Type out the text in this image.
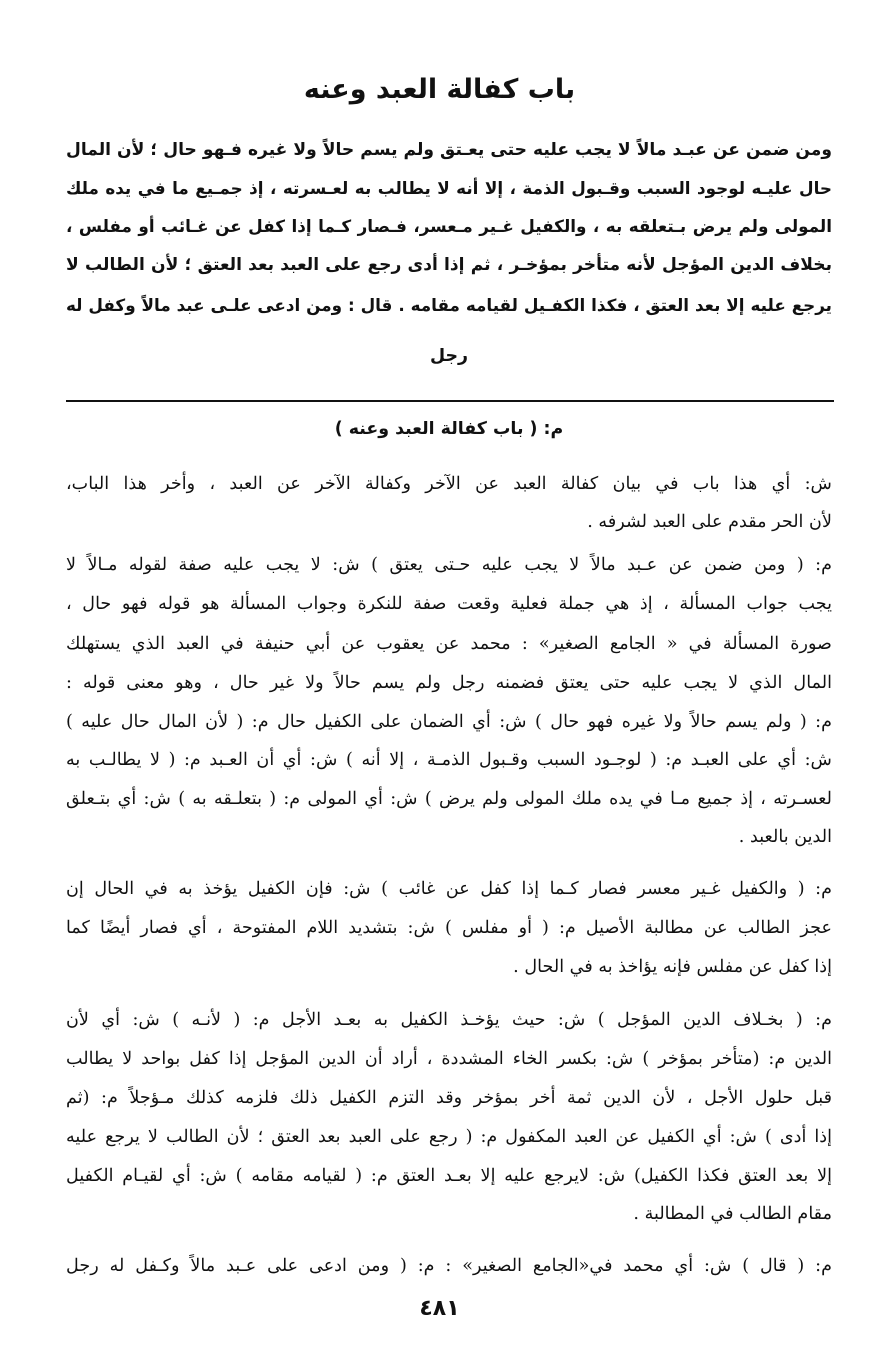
باب كفالة العبد وعنه
ومن ضمن عن عبـد مالاً لا يجب عليه حتى يعـتق ولم يسم حالاً ولا غيره فـهو حال ؛ لأن المال
حال عليـه لوجود السبب وقـبول الذمة ، إلا أنه لا يطالب به لعـسرته ، إذ جمـيع ما في يده ملك
المولى ولم يرض بـتعلقه به ، والكفيل غـير مـعسر، فـصار كـما إذا كفل عن غـائب أو مفلس ،
بخلاف الدين المؤجل لأنه متأخر بمؤخـر ، ثم إذا أدى رجع على العبد بعد العتق ؛ لأن الطالب لا
يرجع عليه إلا بعد العتق ، فكذا الكفـيل لقيامه مقامه . قال : ومن ادعى علـى عبد مالاً وكفل له
رجل
م: ( باب كفالة العبد وعنه )
ش: أي هذا باب في بيان كفالة العبد عن الآخر وكفالة الآخر عن العبد ، وأخر هذا الباب،
لأن الحر مقدم على العبد لشرفه .
م: ( ومن ضمن عن عـبد مالاً لا يجب عليه حـتى يعتق ) ش: لا يجب عليه صفة لقوله مـالاً لا
يجب جواب المسألة ، إذ هي جملة فعلية وقعت صفة للنكرة وجواب المسألة هو قوله فهو حال ،
صورة المسألة في « الجامع الصغير» : محمد عن يعقوب عن أبي حنيفة في العبد الذي يستهلك
المال الذي لا يجب عليه حتى يعتق فضمنه رجل ولم يسم حالاً ولا غير حال ، وهو معنى قوله :
م: ( ولم يسم حالاً ولا غيره فهو حال ) ش: أي الضمان على الكفيل حال م: ( لأن المال حال عليه )
ش: أي على العبـد م: ( لوجـود السبب وقـبول الذمـة ، إلا أنه ) ش: أي أن العـبد م: ( لا يطالـب به
لعسـرته ، إذ جميع مـا في يده ملك المولى ولم يرض ) ش: أي المولى م: ( بتعلـقه به ) ش: أي بتـعلق
الدين بالعبد .
م: ( والكفيل غـير معسر فصار كـما إذا كفل عن غائب ) ش: فإن الكفيل يؤخذ به في الحال إن
عجز الطالب عن مطالبة الأصيل م: ( أو مفلس ) ش: بتشديد اللام المفتوحة ، أي فصار أيضًا كما
إذا كفل عن مفلس فإنه يؤاخذ به في الحال .
م: ( بخـلاف الدين المؤجل ) ش: حيث يؤخـذ الكفيل به بعـد الأجل م: ( لأنـه ) ش: أي لأن
الدين م: (متأخر بمؤخر ) ش: بكسر الخاء المشددة ، أراد أن الدين المؤجل إذا كفل بواحد لا يطالب
قبل حلول الأجل ، لأن الدين ثمة أخر بمؤخر وقد التزم الكفيل ذلك فلزمه كذلك مـؤجلاً م: (ثم
إذا أدى ) ش: أي الكفيل عن العبد المكفول م: ( رجع على العبد بعد العتق ؛ لأن الطالب لا يرجع عليه
إلا بعد العتق فكذا الكفيل) ش: لايرجع عليه إلا بعـد العتق م: ( لقيامه مقامه ) ش: أي لقيـام الكفيل
مقام الطالب في المطالبة .
م: ( قال ) ش: أي محمد في«الجامع الصغير» : م: ( ومن ادعى على عـبد مالاً وكـفل له رجل
٤٨١
